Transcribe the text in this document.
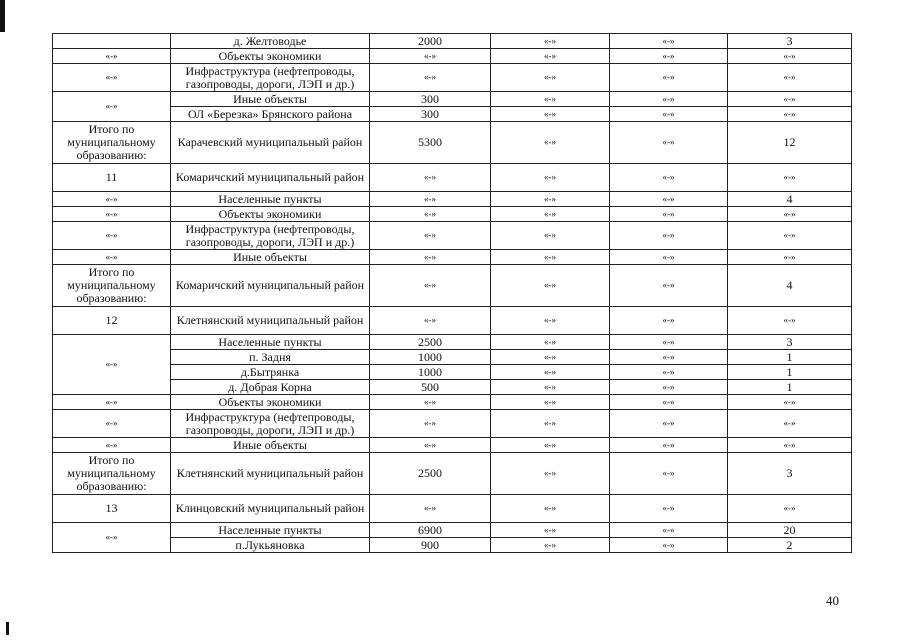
	д. Желтоводье	2000	«-»	«-»	3
«-»	Объекты экономики	«-»	«-»	«-»	«-»
«-»	Инфраструктура (нефтепроводы, газопроводы, дороги, ЛЭП и др.)	«-»	«-»	«-»	«-»
«-»	Иные объекты	300	«-»	«-»	«-»
	ОЛ «Березка» Брянского района	300	«-»	«-»	«-»
Итого по муниципальному образованию:	Карачевский муниципальный район	5300	«-»	«-»	12
11	Комаричский муниципальный район	«-»	«-»	«-»	«-»
«-»	Населенные пункты	«-»	«-»	«-»	4
«-»	Объекты экономики	«-»	«-»	«-»	«-»
«-»	Инфраструктура (нефтепроводы, газопроводы, дороги, ЛЭП и др.)	«-»	«-»	«-»	«-»
«-»	Иные объекты	«-»	«-»	«-»	«-»
Итого по муниципальному образованию:	Комаричский муниципальный район	«-»	«-»	«-»	4
12	Клетнянский муниципальный район	«-»	«-»	«-»	«-»
«-»	Населенные пункты	2500	«-»	«-»	3
	п. Задня	1000	«-»	«-»	1
	д.Бытрянка	1000	«-»	«-»	1
	д. Добрая Корна	500	«-»	«-»	1
«-»	Объекты экономики	«-»	«-»	«-»	«-»
«-»	Инфраструктура (нефтепроводы, газопроводы, дороги, ЛЭП и др.)	«-»	«-»	«-»	«-»
«-»	Иные объекты	«-»	«-»	«-»	«-»
Итого по муниципальному образованию:	Клетнянский муниципальный район	2500	«-»	«-»	3
13	Клинцовский муниципальный район	«-»	«-»	«-»	«-»
«-»	Населенные пункты	6900	«-»	«-»	20
	п.Лукьяновка	900	«-»	«-»	2
40
